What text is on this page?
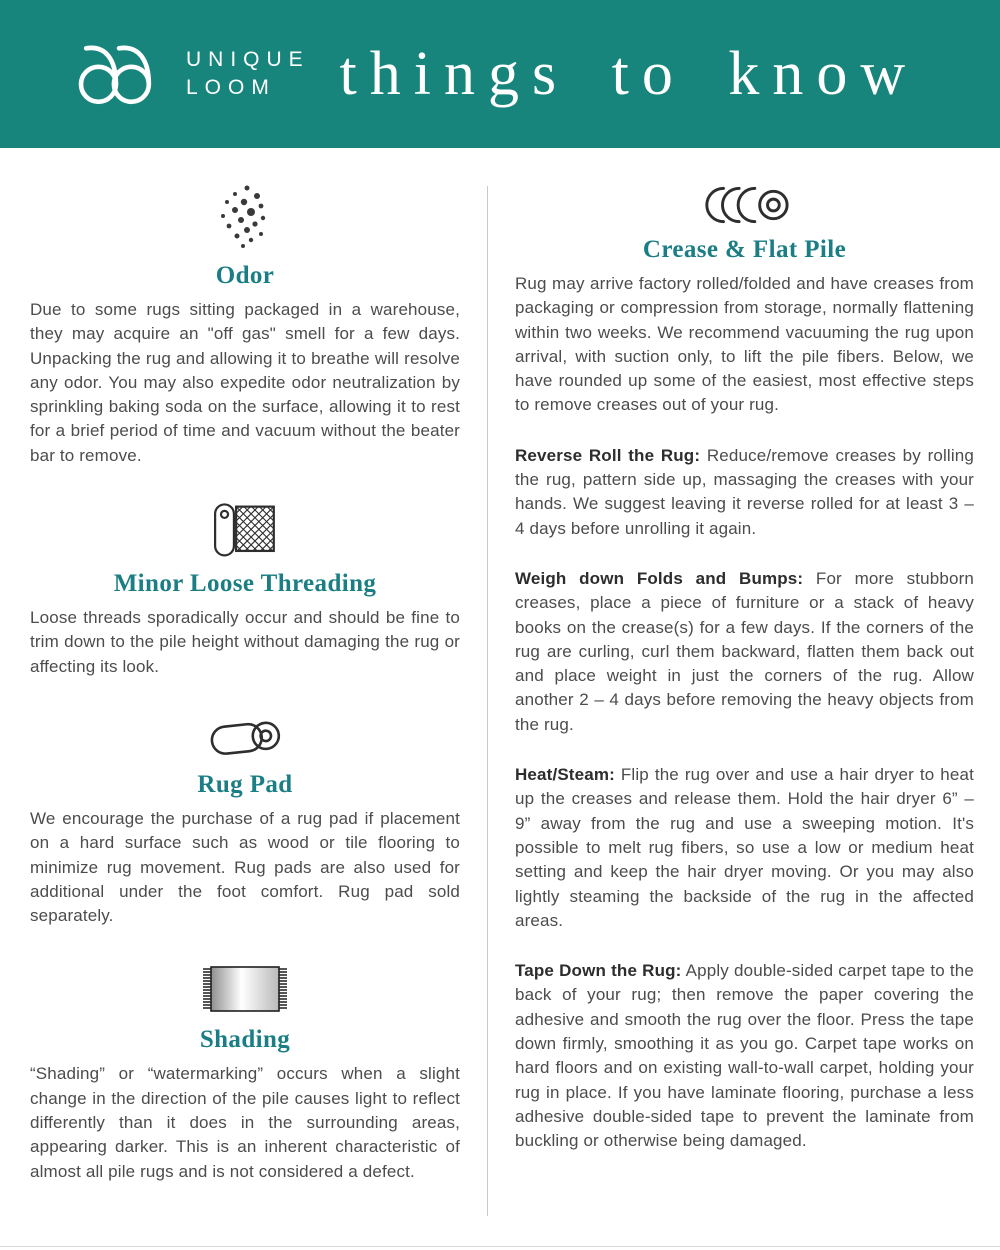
UNIQUE
LOOM	things to know
Odor

Due to some rugs sitting packaged in a warehouse, they may acquire an "off gas" smell for a few days. Unpacking the rug and allowing it to breathe will resolve any odor. You may also expedite odor neutralization by sprinkling baking soda on the surface, allowing it to rest for a brief period of time and vacuum without the beater bar to remove.

Minor Loose Threading

Loose threads sporadically occur and should be fine to trim down to the pile height without damaging the rug or affecting its look.

Rug Pad

We encourage the purchase of a rug pad if placement on a hard surface such as wood or tile flooring to minimize rug movement. Rug pads are also used for additional under the foot comfort. Rug pad sold separately.

Shading

“Shading” or “watermarking” occurs when a slight change in the direction of the pile causes light to reflect differently than it does in the surrounding areas, appearing darker. This is an inherent characteristic of almost all pile rugs and is not considered a defect.

Crease & Flat Pile

Rug may arrive factory rolled/folded and have creases from packaging or compression from storage, normally flattening within two weeks. We recommend vacuuming the rug upon arrival, with suction only, to lift the pile fibers. Below, we have rounded up some of the easiest, most effective steps to remove creases out of your rug.

Reverse Roll the Rug: Reduce/remove creases by rolling the rug, pattern side up, massaging the creases with your hands. We suggest leaving it reverse rolled for at least 3 – 4 days before unrolling it again.

Weigh down Folds and Bumps: For more stubborn creases, place a piece of furniture or a stack of heavy books on the crease(s) for a few days. If the corners of the rug are curling, curl them backward, flatten them back out and place weight in just the corners of the rug. Allow another 2 – 4 days before removing the heavy objects from the rug.

Heat/Steam: Flip the rug over and use a hair dryer to heat up the creases and release them. Hold the hair dryer 6” – 9” away from the rug and use a sweeping motion. It's possible to melt rug fibers, so use a low or medium heat setting and keep the hair dryer moving. Or you may also lightly steaming the backside of the rug in the affected areas.

Tape Down the Rug: Apply double-sided carpet tape to the back of your rug; then remove the paper covering the adhesive and smooth the rug over the floor. Press the tape down firmly, smoothing it as you go. Carpet tape works on hard floors and on existing wall-to-wall carpet, holding your rug in place. If you have laminate flooring, purchase a less adhesive double-sided tape to prevent the laminate from buckling or otherwise being damaged.
